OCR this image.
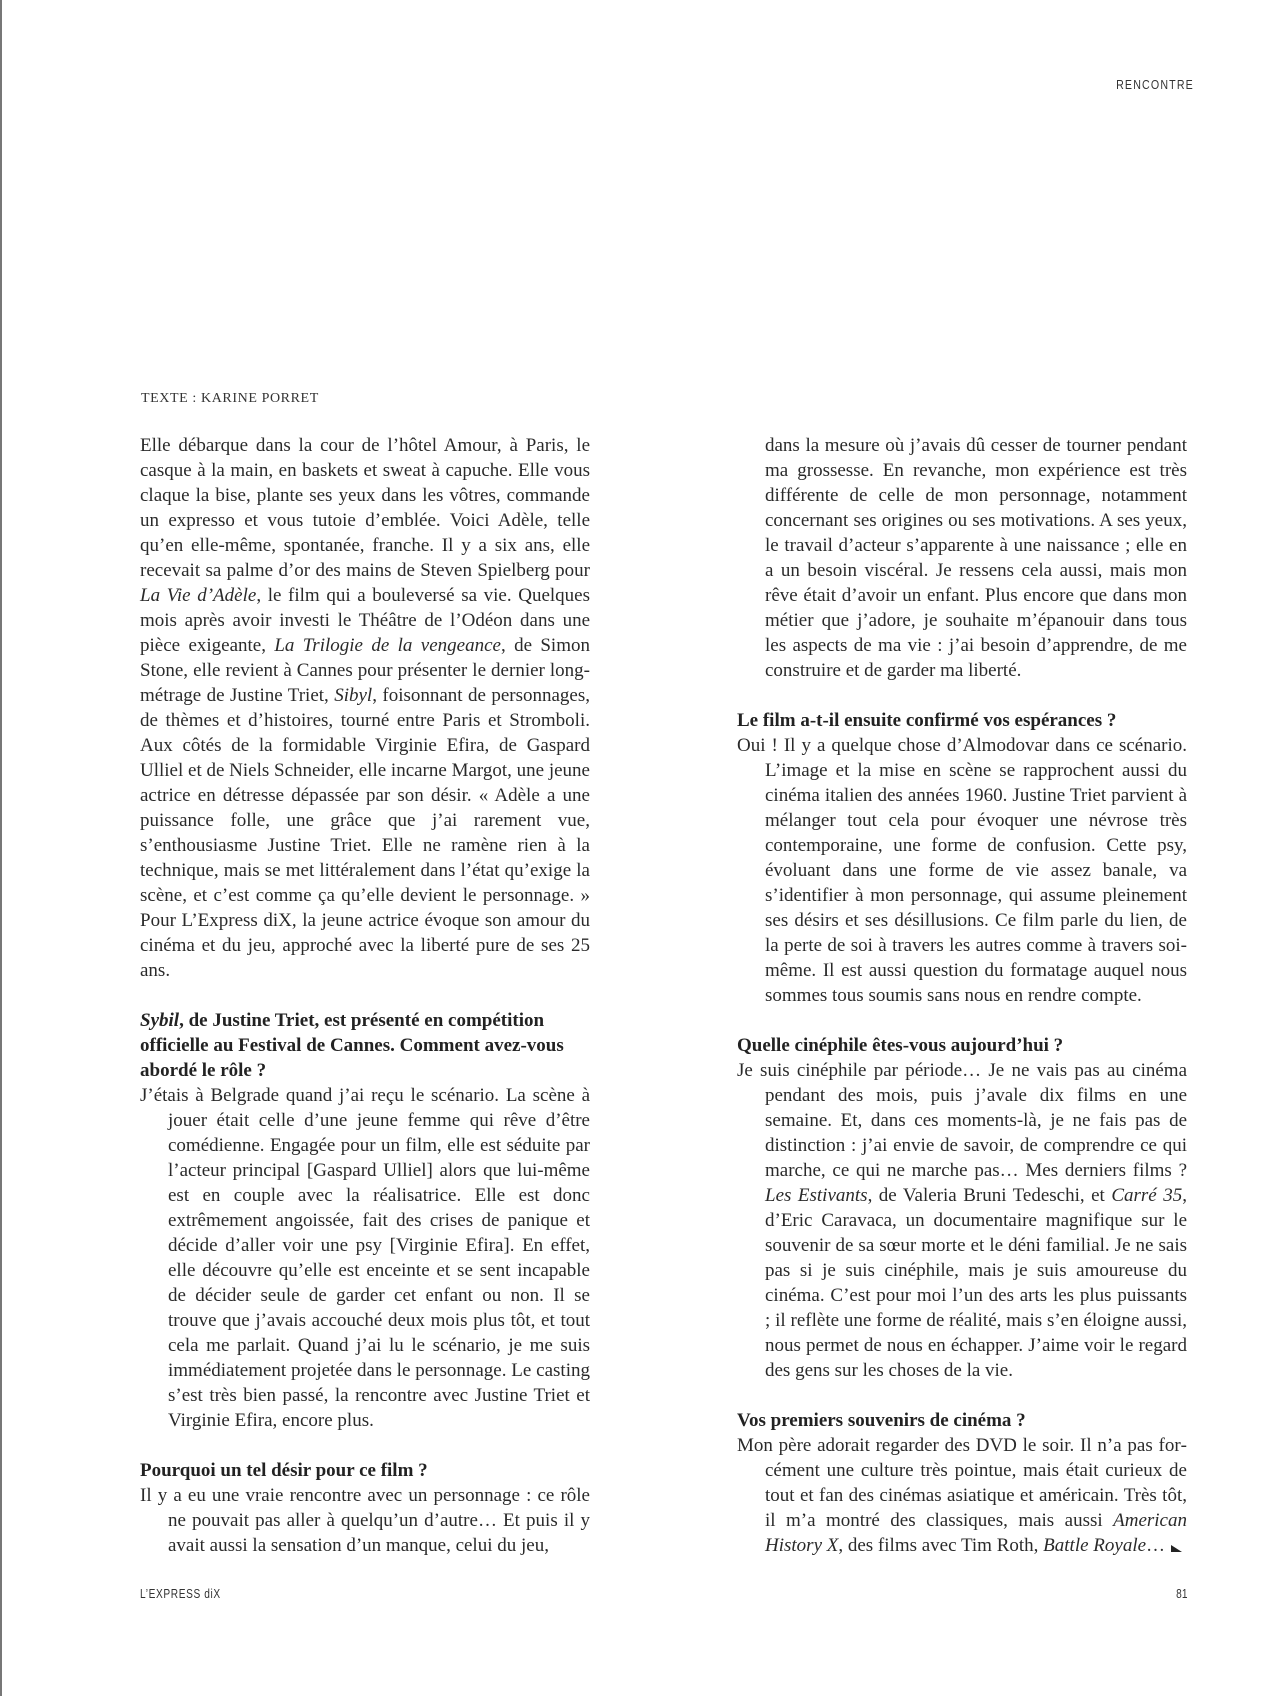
RENCONTRE
TEXTE : KARINE PORRET

Elle débarque dans la cour de l’hôtel Amour, à Paris, le casque à la main, en baskets et sweat à capuche. Elle vous claque la bise, plante ses yeux dans les vôtres, commande un expresso et vous tutoie d’emblée. Voici Adèle, telle qu’en elle-même, spontanée, franche. Il y a six ans, elle recevait sa palme d’or des mains de Steven Spielberg pour La Vie d’Adèle, le film qui a bouleversé sa vie. Quelques mois après avoir investi le Théâtre de l’Odéon dans une pièce exigeante, La Trilogie de la vengeance, de Simon Stone, elle revient à Cannes pour présenter le dernier long-métrage de Justine Triet, Sibyl, foisonnant de personnages, de thèmes et d’histoires, tourné entre Paris et Stromboli. Aux côtés de la formidable Virginie Efira, de Gaspard Ulliel et de Niels Schneider, elle incarne Margot, une jeune actrice en détresse dépassée par son désir. « Adèle a une puissance folle, une grâce que j’ai rarement vue, s’enthousiasme Justine Triet. Elle ne ramène rien à la technique, mais se met littéralement dans l’état qu’exige la scène, et c’est comme ça qu’elle devient le personnage. » Pour L’Express diX, la jeune actrice évoque son amour du cinéma et du jeu, approché avec la liberté pure de ses 25 ans.

Sybil, de Justine Triet, est présenté en compétition officielle au Festival de Cannes. Comment avez-vous abordé le rôle ?

J’étais à Belgrade quand j’ai reçu le scénario. La scène à jouer était celle d’une jeune femme qui rêve d’être comédienne. Engagée pour un film, elle est séduite par l’acteur principal [Gaspard Ulliel] alors que lui-même est en couple avec la réalisatrice. Elle est donc extrêmement angoissée, fait des crises de panique et décide d’aller voir une psy [Virginie Efira]. En effet, elle découvre qu’elle est enceinte et se sent incapable de décider seule de garder cet enfant ou non. Il se trouve que j’avais accouché deux mois plus tôt, et tout cela me parlait. Quand j’ai lu le scénario, je me suis immédiatement projetée dans le personnage. Le casting s’est très bien passé, la rencontre avec Justine Triet et Virginie Efira, encore plus.

Pourquoi un tel désir pour ce film ?

Il y a eu une vraie rencontre avec un personnage : ce rôle ne pouvait pas aller à quelqu’un d’autre… Et puis il y avait aussi la sensation d’un manque, celui du jeu,

dans la mesure où j’avais dû cesser de tourner pendant ma grossesse. En revanche, mon expérience est très différente de celle de mon personnage, notamment concernant ses origines ou ses motivations. A ses yeux, le travail d’acteur s’apparente à une naissance ; elle en a un besoin viscéral. Je ressens cela aussi, mais mon rêve était d’avoir un enfant. Plus encore que dans mon métier que j’adore, je souhaite m’épanouir dans tous les aspects de ma vie : j’ai besoin d’apprendre, de me construire et de garder ma liberté.

Le film a-t-il ensuite confirmé vos espérances ?

Oui ! Il y a quelque chose d’Almodovar dans ce scénario. L’image et la mise en scène se rapprochent aussi du cinéma italien des années 1960. Justine Triet parvient à mélanger tout cela pour évoquer une névrose très contemporaine, une forme de confusion. Cette psy, évoluant dans une forme de vie assez banale, va s’identifier à mon personnage, qui assume pleinement ses désirs et ses désillusions. Ce film parle du lien, de la perte de soi à travers les autres comme à travers soi-même. Il est aussi question du formatage auquel nous sommes tous soumis sans nous en rendre compte.

Quelle cinéphile êtes-vous aujourd’hui ?

Je suis cinéphile par période… Je ne vais pas au cinéma pendant des mois, puis j’avale dix films en une semaine. Et, dans ces moments-là, je ne fais pas de distinction : j’ai envie de savoir, de comprendre ce qui marche, ce qui ne marche pas… Mes derniers films ? Les Estivants, de Valeria Bruni Tedeschi, et Carré 35, d’Eric Caravaca, un documentaire magnifique sur le souvenir de sa sœur morte et le déni familial. Je ne sais pas si je suis cinéphile, mais je suis amoureuse du cinéma. C’est pour moi l’un des arts les plus puissants ; il reflète une forme de réalité, mais s’en éloigne aussi, nous permet de nous en échapper. J’aime voir le regard des gens sur les choses de la vie.

Vos premiers souvenirs de cinéma ?

Mon père adorait regarder des DVD le soir. Il n’a pas forcément une culture très pointue, mais était curieux de tout et fan des cinémas asiatique et américain. Très tôt, il m’a montré des classiques, mais aussi American History X, des films avec Tim Roth, Battle Royale…

L’EXPRESS diX	81
